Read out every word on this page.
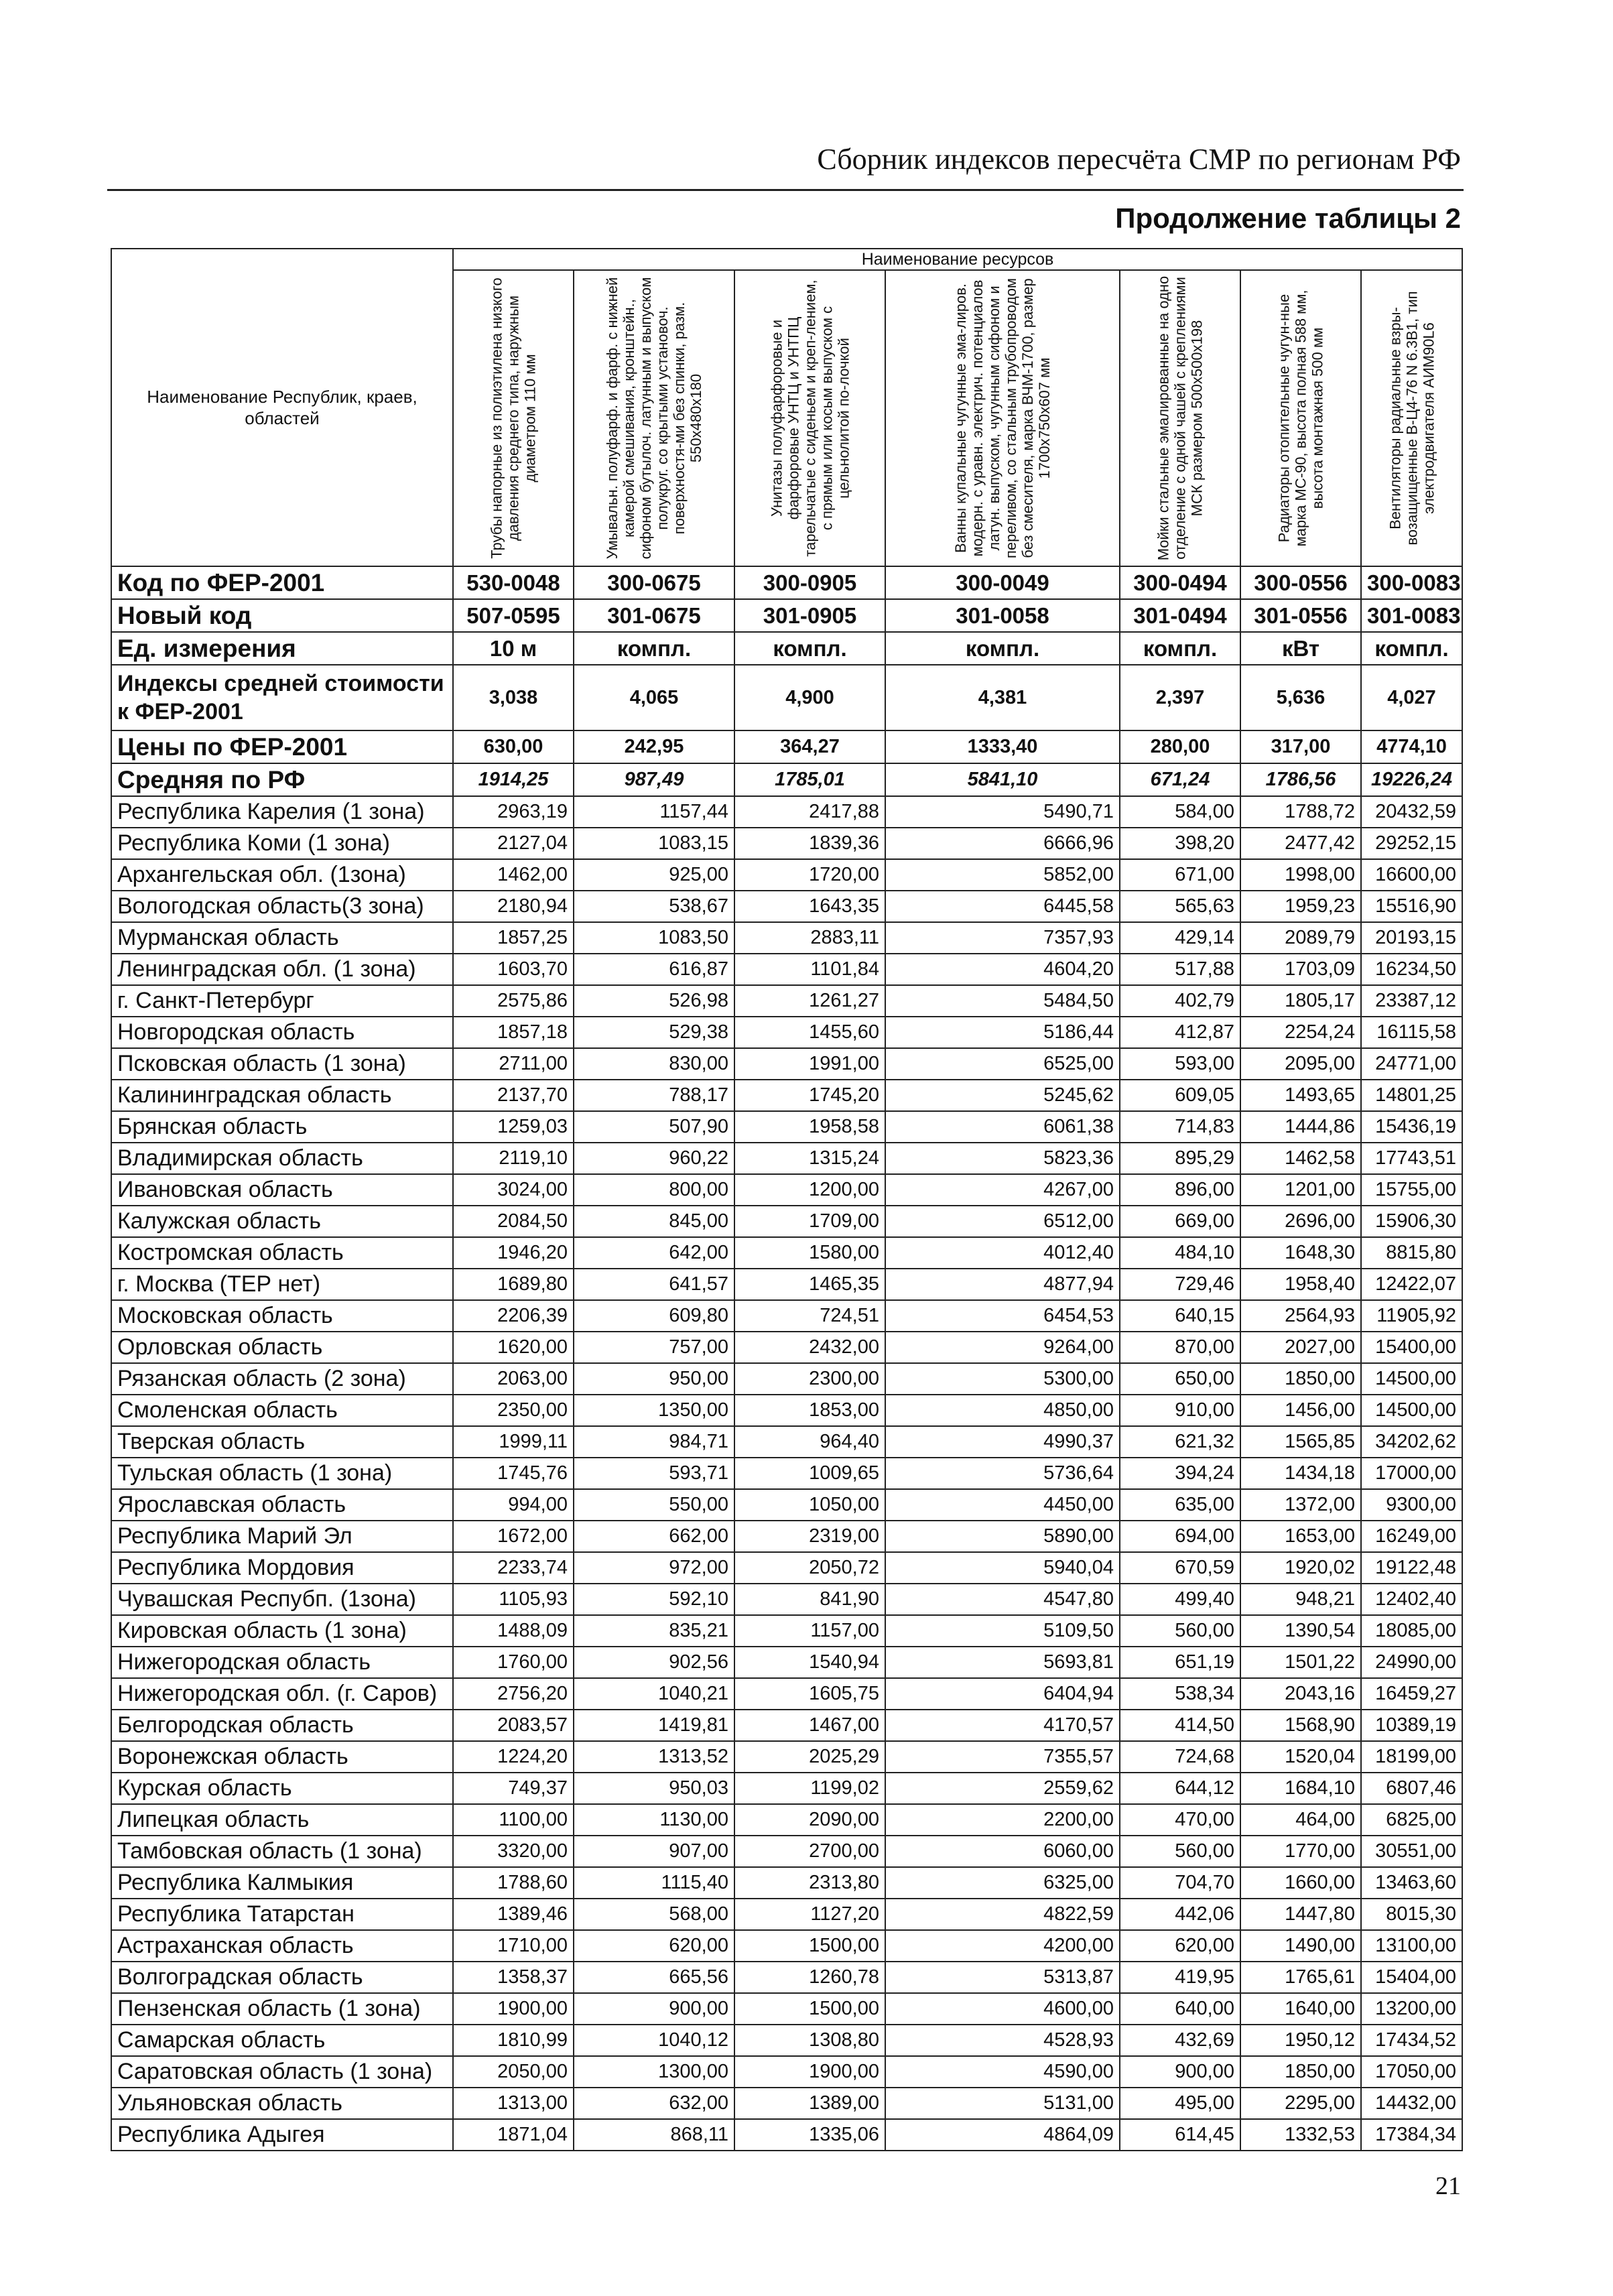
Сборник индексов пересчёта СМР по регионам РФ
Продолжение таблицы 2
Наименование Республик, краев, областей	Наименование ресурсов						

	Трубы напорные из полиэтилена низкого давления среднего типа, наружным диаметром 110 мм	Умывальн. полуфарф. и фарф. с нижней камерой смешивания, кронштейн., сифоном бутылоч. латунным и выпуском полукруг. со крытыми установоч. поверхностя-ми без спинки, разм. 550х480х180	Унитазы полуфарфоровые и фарфоровые УНТЦ и УНТПЦ тарельчатые с сиденьем и креп-лением, с прямым или косым выпуском с цельнолитой по-лочкой	Ванны купальные чугунные эма-лиров. модерн. с уравн. электрич. потенциалов латун. выпуском, чугунным сифоном и переливом, со стальным трубопроводом без смесителя, марка ВЧМ-1700, размер 1700х750х607 мм	Мойки стальные эмалированные на одно отделение с одной чашей с креплениями МСК размером 500х500х198	Радиаторы отопительные чугун-ные марка МС-90, высота полная 588 мм, высота монтажная 500 мм	Вентиляторы радиальные взры-возащищенные В-Ц4-76 N 6.3В1, тип электродвигателя АИМ90L6

Код по ФЕР-2001	530-0048	300-0675	300-0905	300-0049	300-0494	300-0556	300-0083
Новый код	507-0595	301-0675	301-0905	301-0058	301-0494	301-0556	301-0083
Ед. измерения	10 м	компл.	компл.	компл.	компл.	кВт	компл.
Индексы средней стоимости к ФЕР-2001	3,038	4,065	4,900	4,381	2,397	5,636	4,027
Цены по ФЕР-2001	630,00	242,95	364,27	1333,40	280,00	317,00	4774,10
Средняя по РФ	1914,25	987,49	1785,01	5841,10	671,24	1786,56	19226,24
Республика Карелия (1 зона)	2963,19	1157,44	2417,88	5490,71	584,00	1788,72	20432,59
Республика Коми (1 зона)	2127,04	1083,15	1839,36	6666,96	398,20	2477,42	29252,15
Архангельская обл. (1зона)	1462,00	925,00	1720,00	5852,00	671,00	1998,00	16600,00
Вологодская область(3 зона)	2180,94	538,67	1643,35	6445,58	565,63	1959,23	15516,90
Мурманская область	1857,25	1083,50	2883,11	7357,93	429,14	2089,79	20193,15
Ленинградская обл. (1 зона)	1603,70	616,87	1101,84	4604,20	517,88	1703,09	16234,50
г. Санкт-Петербург	2575,86	526,98	1261,27	5484,50	402,79	1805,17	23387,12
Новгородская область	1857,18	529,38	1455,60	5186,44	412,87	2254,24	16115,58
Псковская область (1 зона)	2711,00	830,00	1991,00	6525,00	593,00	2095,00	24771,00
Калининградская область	2137,70	788,17	1745,20	5245,62	609,05	1493,65	14801,25
Брянская область	1259,03	507,90	1958,58	6061,38	714,83	1444,86	15436,19
Владимирская область	2119,10	960,22	1315,24	5823,36	895,29	1462,58	17743,51
Ивановская область	3024,00	800,00	1200,00	4267,00	896,00	1201,00	15755,00
Калужская область	2084,50	845,00	1709,00	6512,00	669,00	2696,00	15906,30
Костромская область	1946,20	642,00	1580,00	4012,40	484,10	1648,30	8815,80
г. Москва (ТЕР нет)	1689,80	641,57	1465,35	4877,94	729,46	1958,40	12422,07
Московская область	2206,39	609,80	724,51	6454,53	640,15	2564,93	11905,92
Орловская область	1620,00	757,00	2432,00	9264,00	870,00	2027,00	15400,00
Рязанская область (2 зона)	2063,00	950,00	2300,00	5300,00	650,00	1850,00	14500,00
Смоленская область	2350,00	1350,00	1853,00	4850,00	910,00	1456,00	14500,00
Тверская область	1999,11	984,71	964,40	4990,37	621,32	1565,85	34202,62
Тульская область (1 зона)	1745,76	593,71	1009,65	5736,64	394,24	1434,18	17000,00
Ярославская область	994,00	550,00	1050,00	4450,00	635,00	1372,00	9300,00
Республика Марий Эл	1672,00	662,00	2319,00	5890,00	694,00	1653,00	16249,00
Республика Мордовия	2233,74	972,00	2050,72	5940,04	670,59	1920,02	19122,48
Чувашская Респубп. (1зона)	1105,93	592,10	841,90	4547,80	499,40	948,21	12402,40
Кировская область (1 зона)	1488,09	835,21	1157,00	5109,50	560,00	1390,54	18085,00
Нижегородская область	1760,00	902,56	1540,94	5693,81	651,19	1501,22	24990,00
Нижегородская обл. (г. Саров)	2756,20	1040,21	1605,75	6404,94	538,34	2043,16	16459,27
Белгородская область	2083,57	1419,81	1467,00	4170,57	414,50	1568,90	10389,19
Воронежская область	1224,20	1313,52	2025,29	7355,57	724,68	1520,04	18199,00
Курская область	749,37	950,03	1199,02	2559,62	644,12	1684,10	6807,46
Липецкая область	1100,00	1130,00	2090,00	2200,00	470,00	464,00	6825,00
Тамбовская область (1 зона)	3320,00	907,00	2700,00	6060,00	560,00	1770,00	30551,00
Республика Калмыкия	1788,60	1115,40	2313,80	6325,00	704,70	1660,00	13463,60
Республика Татарстан	1389,46	568,00	1127,20	4822,59	442,06	1447,80	8015,30
Астраханская область	1710,00	620,00	1500,00	4200,00	620,00	1490,00	13100,00
Волгоградская область	1358,37	665,56	1260,78	5313,87	419,95	1765,61	15404,00
Пензенская область (1 зона)	1900,00	900,00	1500,00	4600,00	640,00	1640,00	13200,00
Самарская область	1810,99	1040,12	1308,80	4528,93	432,69	1950,12	17434,52
Саратовская область (1 зона)	2050,00	1300,00	1900,00	4590,00	900,00	1850,00	17050,00
Ульяновская область	1313,00	632,00	1389,00	5131,00	495,00	2295,00	14432,00
Республика Адыгея	1871,04	868,11	1335,06	4864,09	614,45	1332,53	17384,34
21
